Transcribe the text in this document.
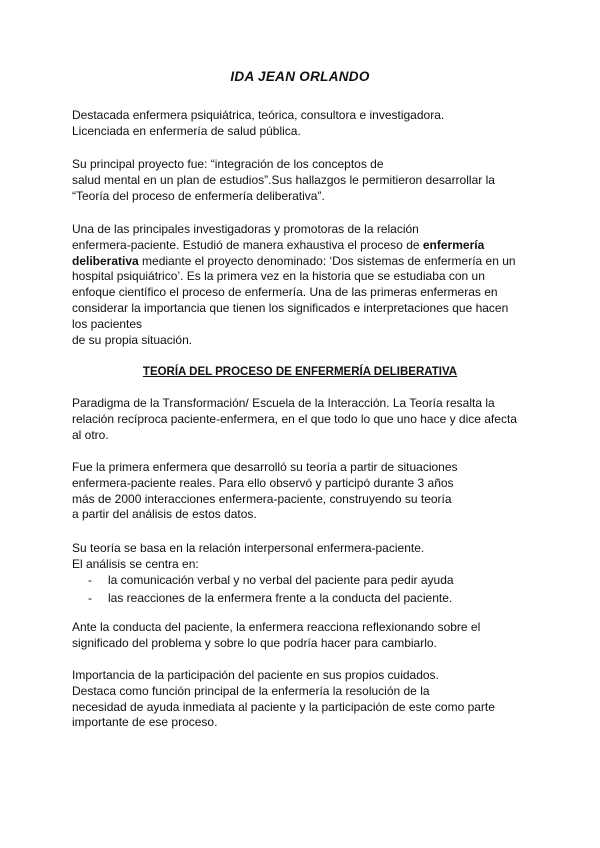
IDA JEAN ORLANDO
Destacada enfermera psiquiátrica, teórica, consultora e investigadora.
Licenciada en enfermería de salud pública.
Su principal proyecto fue: “integración de los conceptos de
salud mental en un plan de estudios”.Sus hallazgos le permitieron desarrollar la
“Teoría del proceso de enfermería deliberativa”.
Una de las principales investigadoras y promotoras de la relación
enfermera-paciente. Estudió de manera exhaustiva el proceso de enfermería
deliberativa mediante el proyecto denominado: ‘Dos sistemas de enfermería en un
hospital psiquiátrico’. Es la primera vez en la historia que se estudiaba con un
enfoque científico el proceso de enfermería. Una de las primeras enfermeras en
considerar la importancia que tienen los significados e interpretaciones que hacen
los pacientes
de su propia situación.
TEORÍA DEL PROCESO DE ENFERMERÍA DELIBERATIVA
Paradigma de la Transformación/ Escuela de la Interacción. La Teoría resalta la
relación recíproca paciente-enfermera, en el que todo lo que uno hace y dice afecta
al otro.
Fue la primera enfermera que desarrolló su teoría a partir de situaciones
enfermera-paciente reales. Para ello observó y participó durante 3 años
más de 2000 interacciones enfermera-paciente, construyendo su teoría
a partir del análisis de estos datos.
Su teoría se basa en la relación interpersonal enfermera-paciente.
El análisis se centra en:
- la comunicación verbal y no verbal del paciente para pedir ayuda
- las reacciones de la enfermera frente a la conducta del paciente.
Ante la conducta del paciente, la enfermera reacciona reflexionando sobre el
significado del problema y sobre lo que podría hacer para cambiarlo.
Importancia de la participación del paciente en sus propios cuidados.
Destaca como función principal de la enfermería la resolución de la
necesidad de ayuda inmediata al paciente y la participación de este como parte
importante de ese proceso.
